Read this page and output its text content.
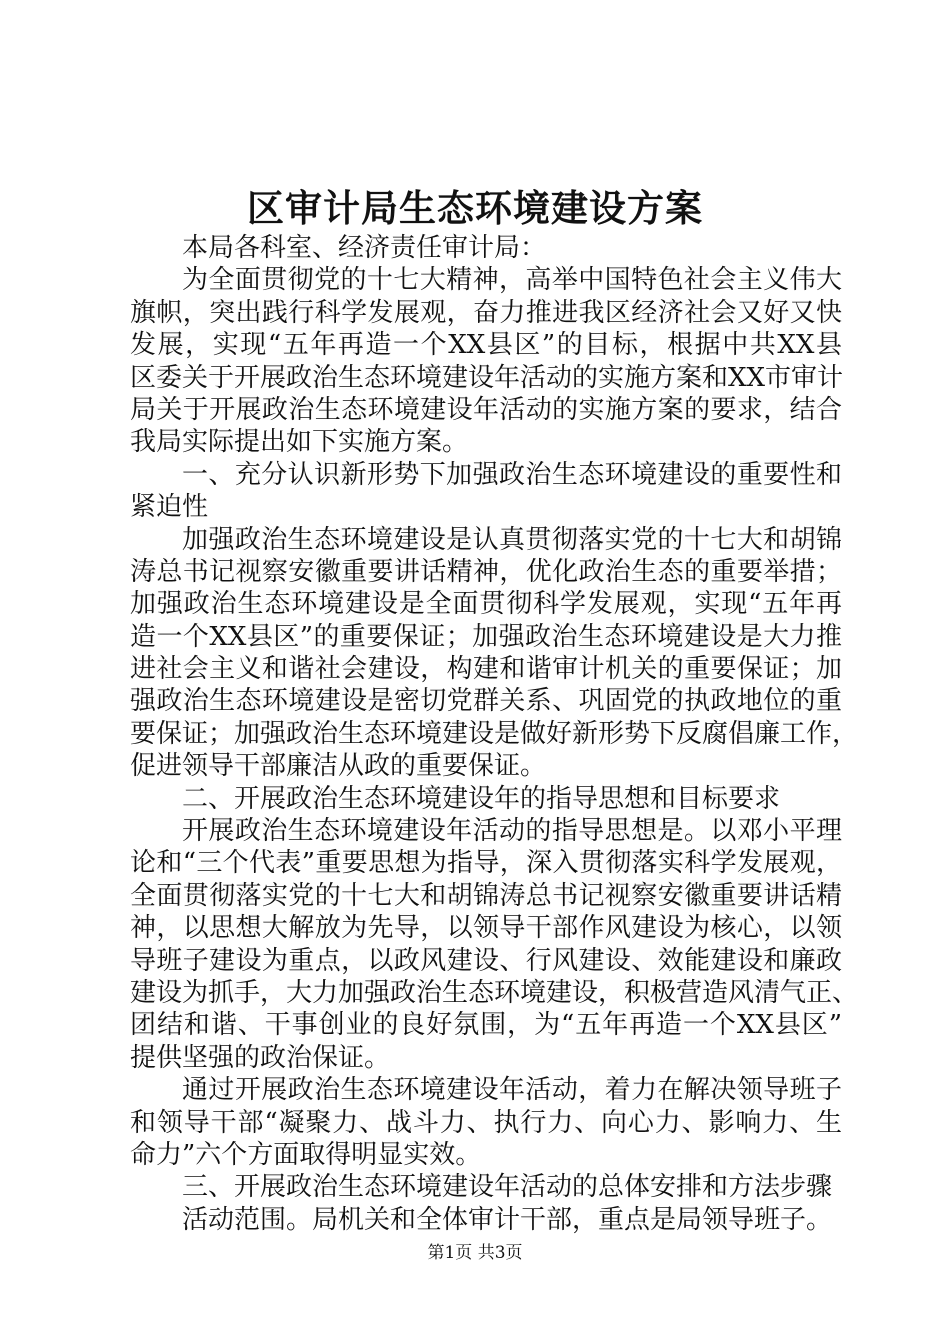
区审计局生态环境建设方案
本局各科室、经济责任审计局：
为全面贯彻党的十七大精神，高举中国特色社会主义伟大
旗帜，突出践行科学发展观，奋力推进我区经济社会又好又快
发展，实现“五年再造一个XX县区”的目标，根据中共XX县
区委关于开展政治生态环境建设年活动的实施方案和XX市审计
局关于开展政治生态环境建设年活动的实施方案的要求，结合
我局实际提出如下实施方案。
一、充分认识新形势下加强政治生态环境建设的重要性和
紧迫性
加强政治生态环境建设是认真贯彻落实党的十七大和胡锦
涛总书记视察安徽重要讲话精神，优化政治生态的重要举措；
加强政治生态环境建设是全面贯彻科学发展观，实现“五年再
造一个XX县区”的重要保证；加强政治生态环境建设是大力推
进社会主义和谐社会建设，构建和谐审计机关的重要保证；加
强政治生态环境建设是密切党群关系、巩固党的执政地位的重
要保证；加强政治生态环境建设是做好新形势下反腐倡廉工作，
促进领导干部廉洁从政的重要保证。
二、开展政治生态环境建设年的指导思想和目标要求
开展政治生态环境建设年活动的指导思想是。以邓小平理
论和“三个代表”重要思想为指导，深入贯彻落实科学发展观，
全面贯彻落实党的十七大和胡锦涛总书记视察安徽重要讲话精
神，以思想大解放为先导，以领导干部作风建设为核心，以领
导班子建设为重点，以政风建设、行风建设、效能建设和廉政
建设为抓手，大力加强政治生态环境建设，积极营造风清气正、
团结和谐、干事创业的良好氛围，为“五年再造一个XX县区”
提供坚强的政治保证。
通过开展政治生态环境建设年活动，着力在解决领导班子
和领导干部“凝聚力、战斗力、执行力、向心力、影响力、生
命力”六个方面取得明显实效。
三、开展政治生态环境建设年活动的总体安排和方法步骤
活动范围。局机关和全体审计干部，重点是局领导班子。
第1页 共3页
